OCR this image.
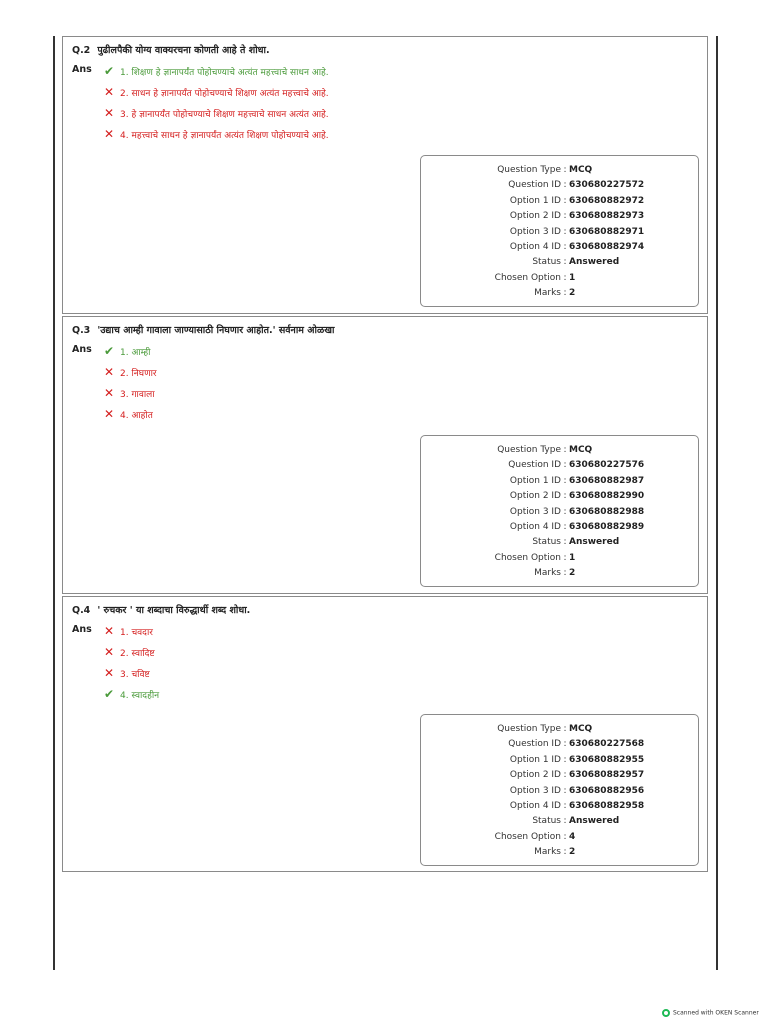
Q.2 पुढीलपैकी योग्य वाक्यरचना कोणती आहे ते शोधा.
Ans ✔ 1. शिक्षण हे ज्ञानापर्यंत पोहोचण्याचे अत्यंत महत्त्वाचे साधन आहे.
✕ 2. साधन हे ज्ञानापर्यंत पोहोचण्याचे शिक्षण अत्यंत महत्त्वाचे आहे.
✕ 3. हे ज्ञानापर्यंत पोहोचण्याचे शिक्षण महत्त्वाचे साधन अत्यंत आहे.
✕ 4. महत्त्वाचे साधन हे ज्ञानापर्यंत अत्यंत शिक्षण पोहोचण्याचे आहे.
Question Type : MCQ
Question ID : 630680227572
Option 1 ID : 630680882972
Option 2 ID : 630680882973
Option 3 ID : 630680882971
Option 4 ID : 630680882974
Status : Answered
Chosen Option : 1
Marks : 2
Q.3 'उद्याच आम्ही गावाला जाण्यासाठी निघणार आहोत.' सर्वनाम ओळखा
Ans ✔ 1. आम्ही
✕ 2. निघणार
✕ 3. गावाला
✕ 4. आहोत
Question Type : MCQ
Question ID : 630680227576
Option 1 ID : 630680882987
Option 2 ID : 630680882990
Option 3 ID : 630680882988
Option 4 ID : 630680882989
Status : Answered
Chosen Option : 1
Marks : 2
Q.4 ' रुचकर ' या शब्दाचा विरुद्धार्थी शब्द शोधा.
Ans ✕ 1. चवदार
✕ 2. स्वादिष्ट
✕ 3. चविष्ट
✔ 4. स्वादहीन
Question Type : MCQ
Question ID : 630680227568
Option 1 ID : 630680882955
Option 2 ID : 630680882957
Option 3 ID : 630680882956
Option 4 ID : 630680882958
Status : Answered
Chosen Option : 4
Marks : 2
Scanned with OKEN Scanner
